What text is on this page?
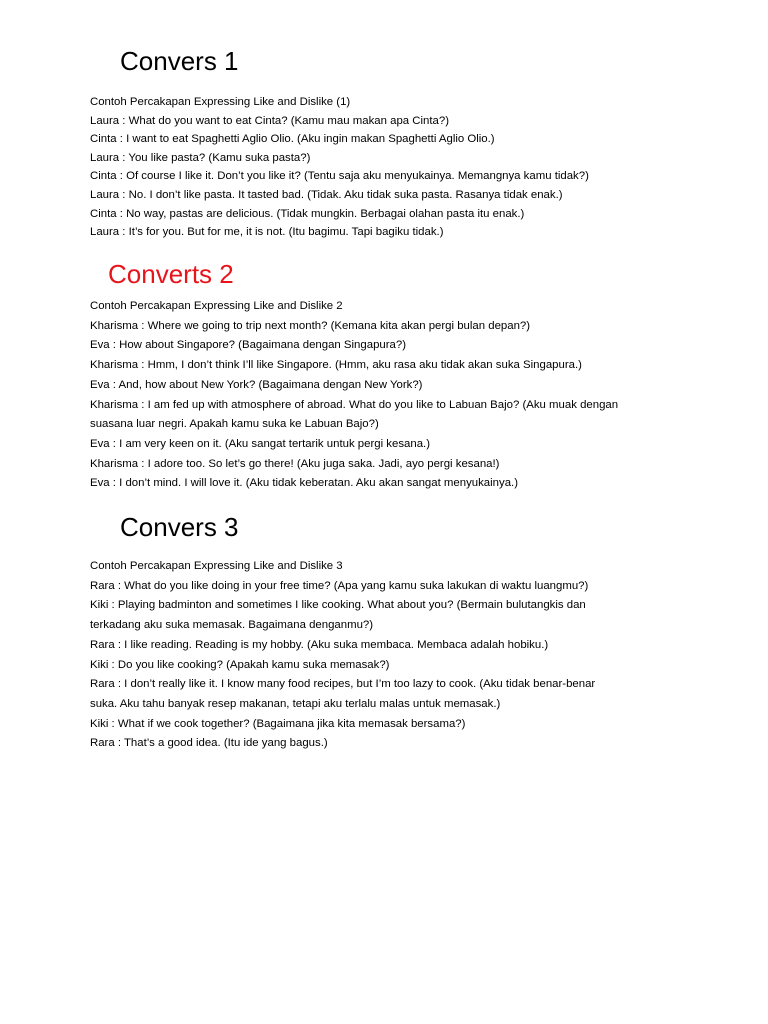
Convers 1
Contoh Percakapan Expressing Like and Dislike (1)
Laura : What do you want to eat Cinta? (Kamu mau makan apa Cinta?)
Cinta : I want to eat Spaghetti Aglio Olio. (Aku ingin makan Spaghetti Aglio Olio.)
Laura : You like pasta? (Kamu suka pasta?)
Cinta : Of course I like it. Don’t you like it? (Tentu saja aku menyukainya. Memangnya kamu tidak?)
Laura : No. I don’t like pasta. It tasted bad. (Tidak. Aku tidak suka pasta. Rasanya tidak enak.)
Cinta : No way, pastas are delicious. (Tidak mungkin. Berbagai olahan pasta itu enak.)
Laura : It’s for you. But for me, it is not. (Itu bagimu. Tapi bagiku tidak.)
Converts 2
Contoh Percakapan Expressing Like and Dislike 2
Kharisma : Where we going to trip next month? (Kemana kita akan pergi bulan depan?)
Eva : How about Singapore? (Bagaimana dengan Singapura?)
Kharisma : Hmm, I don’t think I’ll like Singapore. (Hmm, aku rasa aku tidak akan suka Singapura.)
Eva : And, how about New York? (Bagaimana dengan New York?)
Kharisma : I am fed up with atmosphere of abroad. What do you like to Labuan Bajo? (Aku muak dengan
suasana luar negri. Apakah kamu suka ke Labuan Bajo?)
Eva : I am very keen on it. (Aku sangat tertarik untuk pergi kesana.)
Kharisma : I adore too. So let’s go there! (Aku juga saka. Jadi, ayo pergi kesana!)
Eva : I don’t mind. I will love it. (Aku tidak keberatan. Aku akan sangat menyukainya.)
Convers 3
Contoh Percakapan Expressing Like and Dislike 3
Rara : What do you like doing in your free time? (Apa yang kamu suka lakukan di waktu luangmu?)
Kiki : Playing badminton and sometimes I like cooking. What about you? (Bermain bulutangkis dan
terkadang aku suka memasak. Bagaimana denganmu?)
Rara : I like reading. Reading is my hobby. (Aku suka membaca. Membaca adalah hobiku.)
Kiki : Do you like cooking? (Apakah kamu suka memasak?)
Rara : I don’t really like it. I know many food recipes, but I’m too lazy to cook. (Aku tidak benar-benar
suka. Aku tahu banyak resep makanan, tetapi aku terlalu malas untuk memasak.)
Kiki : What if we cook together? (Bagaimana jika kita memasak bersama?)
Rara : That’s a good idea. (Itu ide yang bagus.)
